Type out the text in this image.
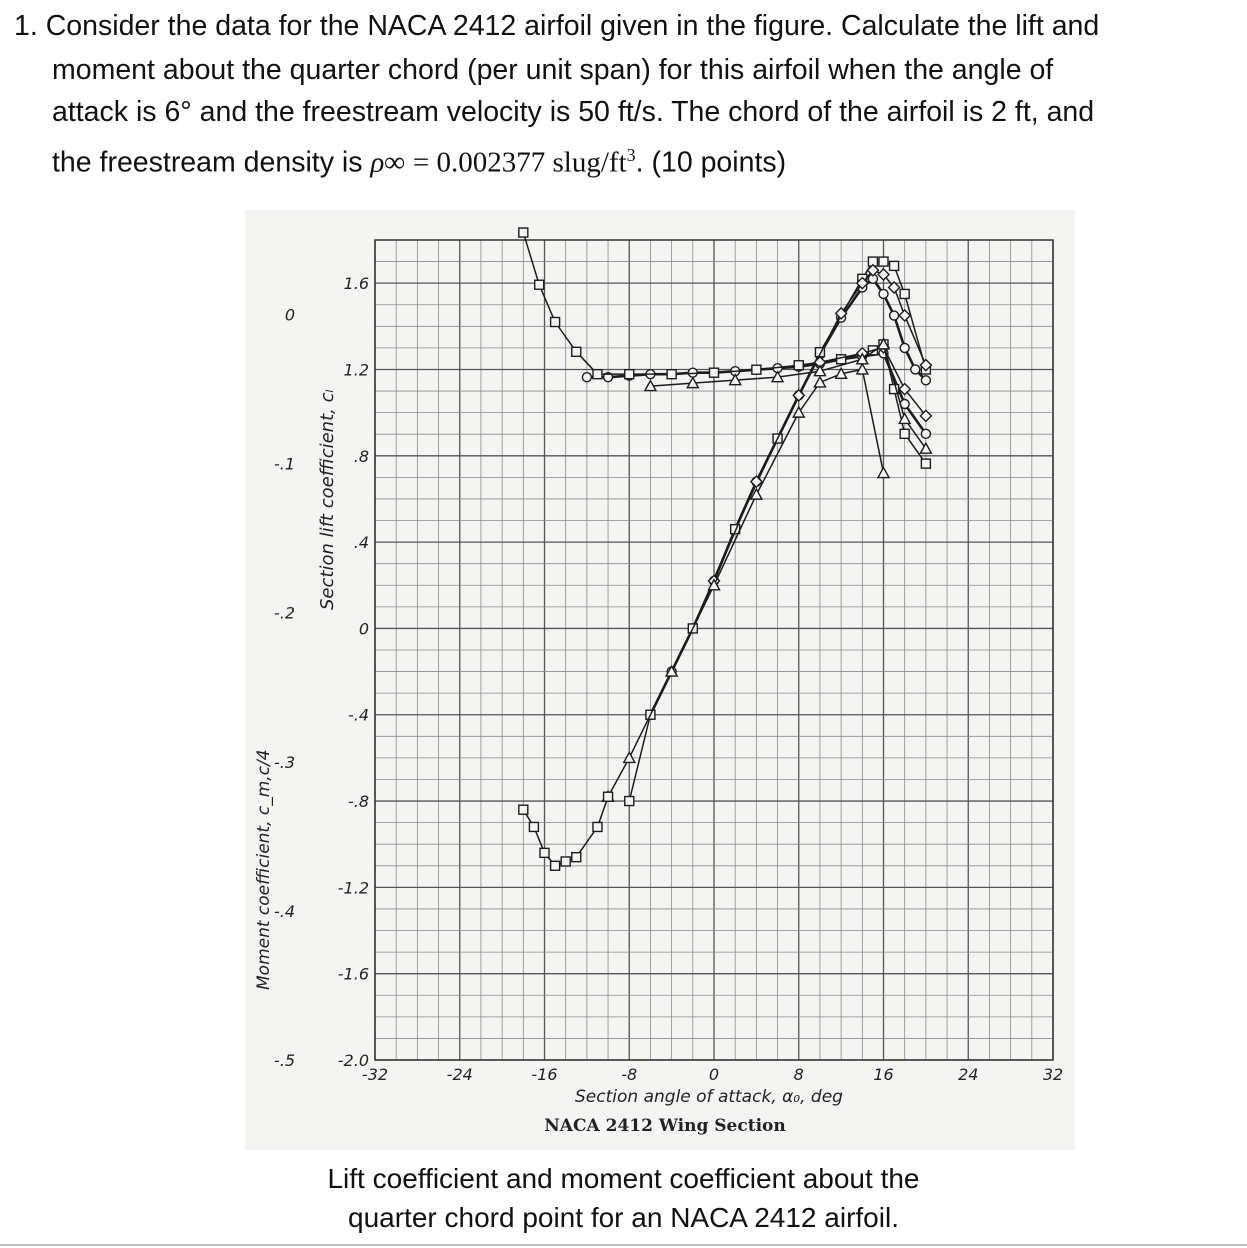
1. Consider the data for the NACA 2412 airfoil given in the figure. Calculate the lift and
moment about the quarter chord (per unit span) for this airfoil when the angle of
attack is 6° and the freestream velocity is 50 ft/s. The chord of the airfoil is 2 ft, and
the freestream density is ρ∞ = 0.002377 slug/$ft^3$. (10 points)
-32	-24	-16	-8	0	8	16	24	32
1.6
1.2
.8
.4
0
-.4
-.8
-1.2
-1.6
-2.0
0
-.1
-.2
-.3
-.4
-.5
Section lift coefficient, cₗ
Moment coefficient, c_m,c/4
Section angle of attack, α₀, deg
NACA 2412 Wing Section
Lift coefficient and moment coefficient about the
quarter chord point for an NACA 2412 airfoil.
